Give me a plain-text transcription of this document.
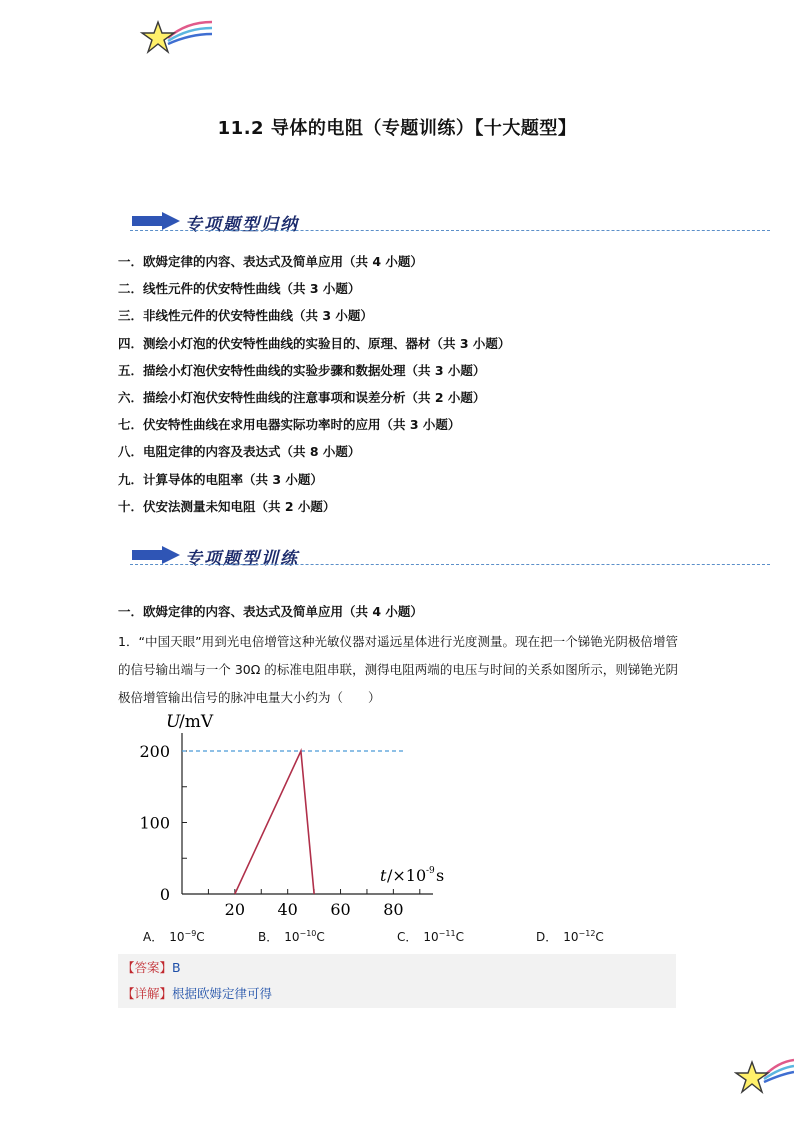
11.2 导体的电阻（专题训练）【十大题型】
专项题型归纳
一．欧姆定律的内容、表达式及简单应用（共 4 小题）
二．线性元件的伏安特性曲线（共 3 小题）
三．非线性元件的伏安特性曲线（共 3 小题）
四．测绘小灯泡的伏安特性曲线的实验目的、原理、器材（共 3 小题）
五．描绘小灯泡伏安特性曲线的实验步骤和数据处理（共 3 小题）
六．描绘小灯泡伏安特性曲线的注意事项和误差分析（共 2 小题）
七．伏安特性曲线在求用电器实际功率时的应用（共 3 小题）
八．电阻定律的内容及表达式（共 8 小题）
九．计算导体的电阻率（共 3 小题）
十．伏安法测量未知电阻（共 2 小题）
专项题型训练
一．欧姆定律的内容、表达式及简单应用（共 4 小题）
1．“中国天眼”用到光电倍增管这种光敏仪器对遥远星体进行光度测量。现在把一个锑铯光阴极倍增管的信号输出端与一个 30Ω 的标准电阻串联，测得电阻两端的电压与时间的关系如图所示，则锑铯光阴极倍增管输出信号的脉冲电量大小约为（　　）
U
/mV
t /×10 -9 s
20 40 60 80
0
100
200
A． $10^{-9}C$	B． $10^{-10}C$	C． $10^{-11}C$	D． $10^{-12}C$
【答案】B
【详解】根据欧姆定律可得
